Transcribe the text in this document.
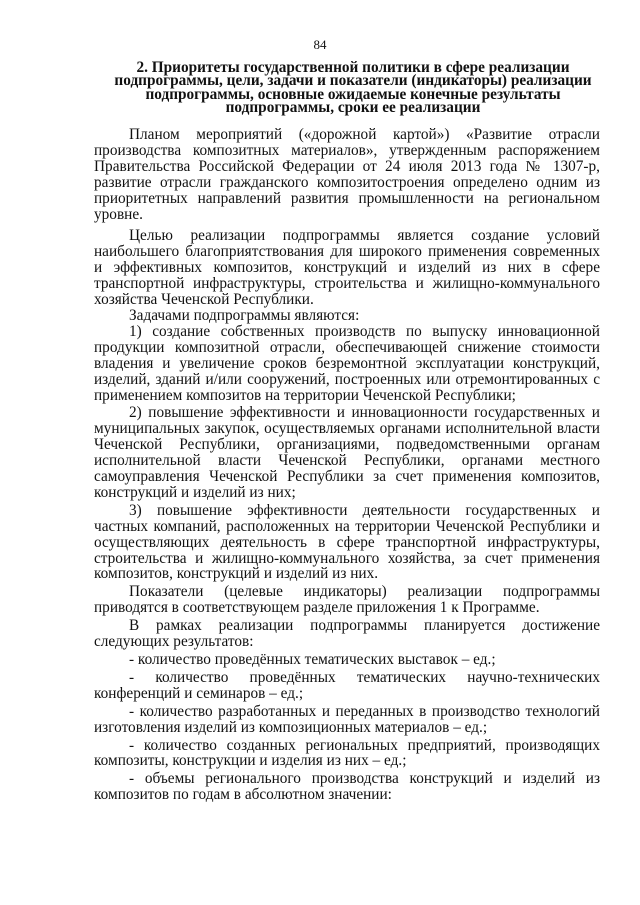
84
2. Приоритеты государственной политики в сфере реализации подпрограммы, цели, задачи и показатели (индикаторы) реализации подпрограммы, основные ожидаемые конечные результаты подпрограммы, сроки ее реализации

Планом мероприятий («дорожной картой») «Развитие отрасли производства композитных материалов», утвержденным распоряжением Правительства Российской Федерации от 24 июля 2013 года № 1307-р, развитие отрасли гражданского композитостроения определено одним из приоритетных направлений развития промышленности на региональном уровне.

Целью реализации подпрограммы является создание условий наибольшего благоприятствования для широкого применения современных и эффективных композитов, конструкций и изделий из них в сфере транспортной инфраструктуры, строительства и жилищно-коммунального хозяйства Чеченской Республики.

Задачами подпрограммы являются:

1) создание собственных производств по выпуску инновационной продукции композитной отрасли, обеспечивающей снижение стоимости владения и увеличение сроков безремонтной эксплуатации конструкций, изделий, зданий и/или сооружений, построенных или отремонтированных с применением композитов на территории Чеченской Республики;

2) повышение эффективности и инновационности государственных и муниципальных закупок, осуществляемых органами исполнительной власти Чеченской Республики, организациями, подведомственными органам исполнительной власти Чеченской Республики, органами местного самоуправления Чеченской Республики за счет применения композитов, конструкций и изделий из них;

3) повышение эффективности деятельности государственных и частных компаний, расположенных на территории Чеченской Республики и осуществляющих деятельность в сфере транспортной инфраструктуры, строительства и жилищно-коммунального хозяйства, за счет применения композитов, конструкций и изделий из них.

Показатели (целевые индикаторы) реализации подпрограммы приводятся в соответствующем разделе приложения 1 к Программе.

В рамках реализации подпрограммы планируется достижение следующих результатов:

- количество проведённых тематических выставок – ед.;

- количество проведённых тематических научно-технических конференций и семинаров – ед.;

- количество разработанных и переданных в производство технологий изготовления изделий из композиционных материалов – ед.;

- количество созданных региональных предприятий, производящих композиты, конструкции и изделия из них – ед.;

- объемы регионального производства конструкций и изделий из композитов по годам в абсолютном значении:
